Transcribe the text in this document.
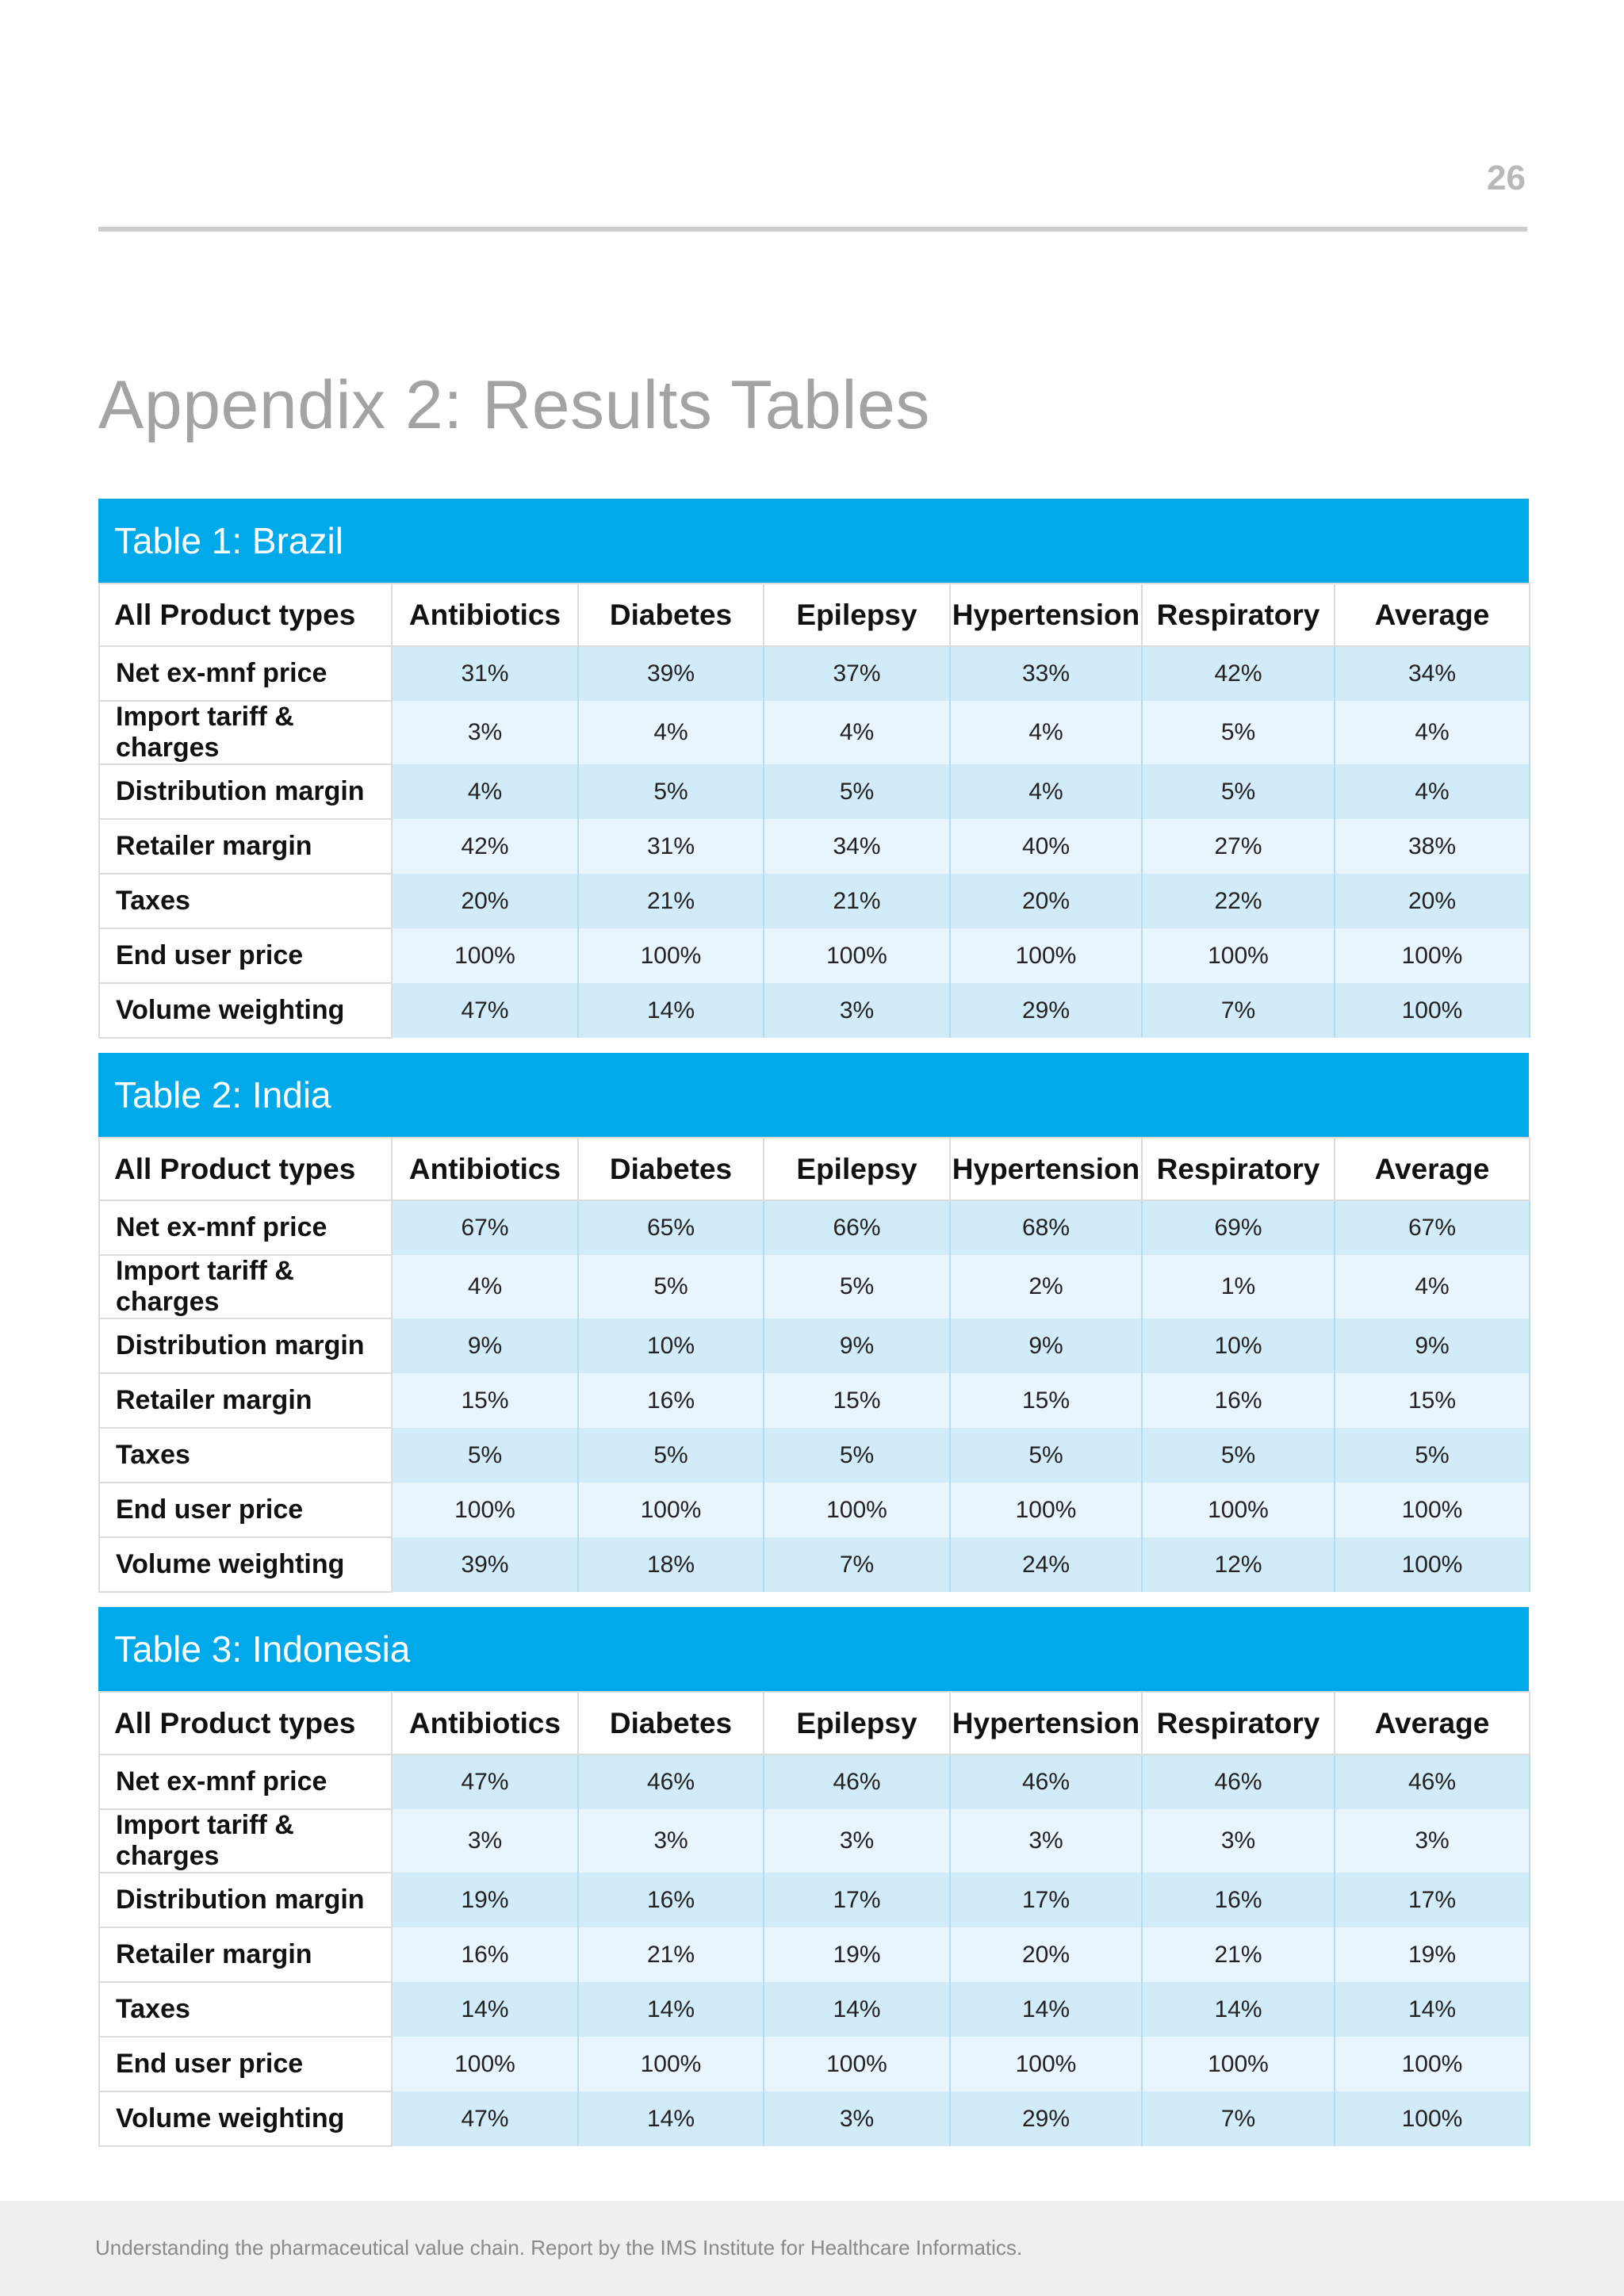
26
Appendix 2: Results Tables
Table 1: Brazil
All Product types	Antibiotics	Diabetes	Epilepsy	Hypertension	Respiratory	Average
Net ex-mnf price	31%	39%	37%	33%	42%	34%
Import tariff & charges	3%	4%	4%	4%	5%	4%
Distribution margin	4%	5%	5%	4%	5%	4%
Retailer margin	42%	31%	34%	40%	27%	38%
Taxes	20%	21%	21%	20%	22%	20%
End user price	100%	100%	100%	100%	100%	100%
Volume weighting	47%	14%	3%	29%	7%	100%
Table 2: India
All Product types	Antibiotics	Diabetes	Epilepsy	Hypertension	Respiratory	Average
Net ex-mnf price	67%	65%	66%	68%	69%	67%
Import tariff & charges	4%	5%	5%	2%	1%	4%
Distribution margin	9%	10%	9%	9%	10%	9%
Retailer margin	15%	16%	15%	15%	16%	15%
Taxes	5%	5%	5%	5%	5%	5%
End user price	100%	100%	100%	100%	100%	100%
Volume weighting	39%	18%	7%	24%	12%	100%
Table 3: Indonesia
All Product types	Antibiotics	Diabetes	Epilepsy	Hypertension	Respiratory	Average
Net ex-mnf price	47%	46%	46%	46%	46%	46%
Import tariff & charges	3%	3%	3%	3%	3%	3%
Distribution margin	19%	16%	17%	17%	16%	17%
Retailer margin	16%	21%	19%	20%	21%	19%
Taxes	14%	14%	14%	14%	14%	14%
End user price	100%	100%	100%	100%	100%	100%
Volume weighting	47%	14%	3%	29%	7%	100%
Understanding the pharmaceutical value chain. Report by the IMS Institute for Healthcare Informatics.
